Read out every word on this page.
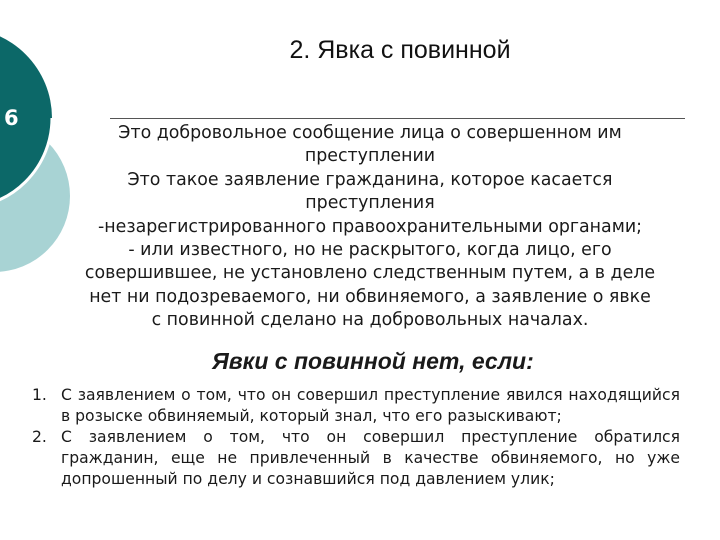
6
2. Явка с повинной

Это добровольное сообщение лица о совершенном им

преступлении

Это такое заявление гражданина, которое касается

преступления

-незарегистрированного правоохранительными органами;

- или известного, но не раскрытого, когда лицо, его

совершившее, не установлено следственным путем, а в деле

нет ни подозреваемого, ни обвиняемого, а заявление о явке

с повинной сделано на добровольных началах.

Явки с повинной нет, если:
1. С заявлением о том, что он совершил преступление явился находящийся в розыске обвиняемый, который знал, что его разыскивают;
2. С заявлением о том, что он совершил преступление обратился гражданин, еще не привлеченный в качестве обвиняемого, но уже допрошенный по делу и сознавшийся под давлением улик;
